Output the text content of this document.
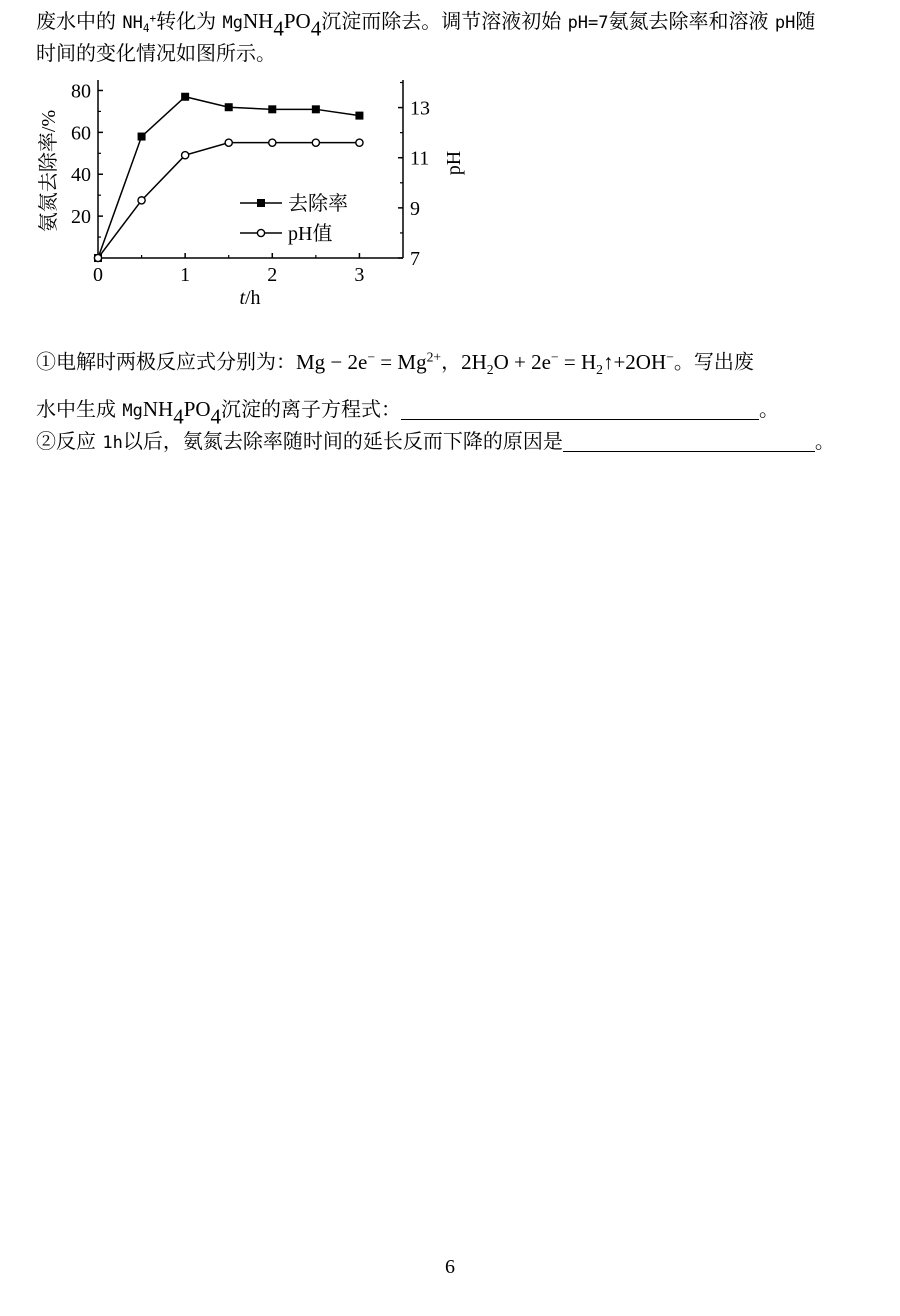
废水中的 $NH_4^+$转化为 $MgNH_4PO_4$沉淀而除去。调节溶液初始 pH=7氨氮去除率和溶液 pH随
时间的变化情况如图所示。
0	1	2	3
20
40
60
80
7
9
11
13
去除率
pH值
t/h
氨氮去除率/%	pH
①电解时两极反应式分别为：$Mg - 2e^- = Mg^{2+}$，$2H_2O + 2e^-$ = $H_2↑+2OH^-$。写出废
水中生成 $MgNH_4PO_4$沉淀的离子方程式：	。
②反应 1h以后，氨氮去除率随时间的延长反而下降的原因是	。
6
